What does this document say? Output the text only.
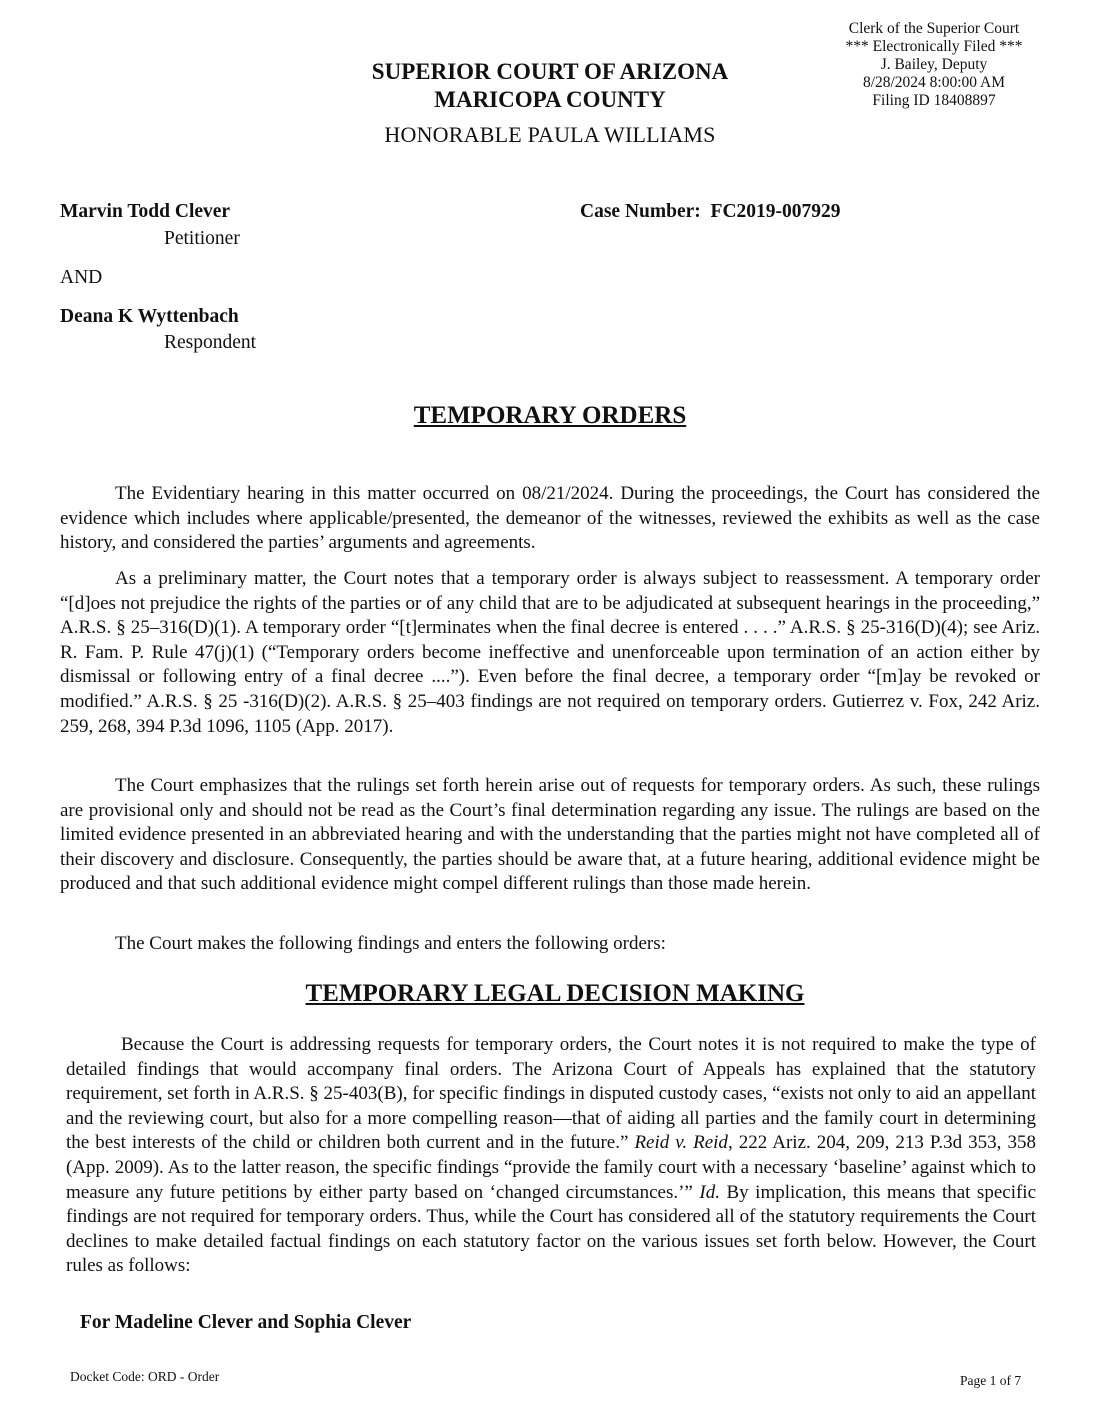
Clerk of the Superior Court
*** Electronically Filed ***
J. Bailey, Deputy
8/28/2024 8:00:00 AM
Filing ID 18408897
SUPERIOR COURT OF ARIZONA
MARICOPA COUNTY
HONORABLE PAULA WILLIAMS
Marvin Todd Clever
Petitioner
AND
Deana K Wyttenbach
Respondent
Case Number: FC2019-007929
TEMPORARY ORDERS
The Evidentiary hearing in this matter occurred on 08/21/2024. During the proceedings, the Court has considered the evidence which includes where applicable/presented, the demeanor of the witnesses, reviewed the exhibits as well as the case history, and considered the parties’ arguments and agreements.
As a preliminary matter, the Court notes that a temporary order is always subject to reassessment. A temporary order “[d]oes not prejudice the rights of the parties or of any child that are to be adjudicated at subsequent hearings in the proceeding,” A.R.S. § 25–316(D)(1). A temporary order “[t]erminates when the final decree is entered . . . .” A.R.S. § 25-316(D)(4); see Ariz. R. Fam. P. Rule 47(j)(1) (“Temporary orders become ineffective and unenforceable upon termination of an action either by dismissal or following entry of a final decree ....”). Even before the final decree, a temporary order “[m]ay be revoked or modified.” A.R.S. § 25 -316(D)(2). A.R.S. § 25–403 findings are not required on temporary orders. Gutierrez v. Fox, 242 Ariz. 259, 268, 394 P.3d 1096, 1105 (App. 2017).
The Court emphasizes that the rulings set forth herein arise out of requests for temporary orders. As such, these rulings are provisional only and should not be read as the Court’s final determination regarding any issue. The rulings are based on the limited evidence presented in an abbreviated hearing and with the understanding that the parties might not have completed all of their discovery and disclosure. Consequently, the parties should be aware that, at a future hearing, additional evidence might be produced and that such additional evidence might compel different rulings than those made herein.
The Court makes the following findings and enters the following orders:
TEMPORARY LEGAL DECISION MAKING
Because the Court is addressing requests for temporary orders, the Court notes it is not required to make the type of detailed findings that would accompany final orders. The Arizona Court of Appeals has explained that the statutory requirement, set forth in A.R.S. § 25-403(B), for specific findings in disputed custody cases, “exists not only to aid an appellant and the reviewing court, but also for a more compelling reason—that of aiding all parties and the family court in determining the best interests of the child or children both current and in the future.” Reid v. Reid, 222 Ariz. 204, 209, 213 P.3d 353, 358 (App. 2009). As to the latter reason, the specific findings “provide the family court with a necessary ‘baseline’ against which to measure any future petitions by either party based on ‘changed circumstances.’” Id. By implication, this means that specific findings are not required for temporary orders. Thus, while the Court has considered all of the statutory requirements the Court declines to make detailed factual findings on each statutory factor on the various issues set forth below. However, the Court rules as follows:
For Madeline Clever and Sophia Clever
Docket Code: ORD - Order	Page 1 of 7
